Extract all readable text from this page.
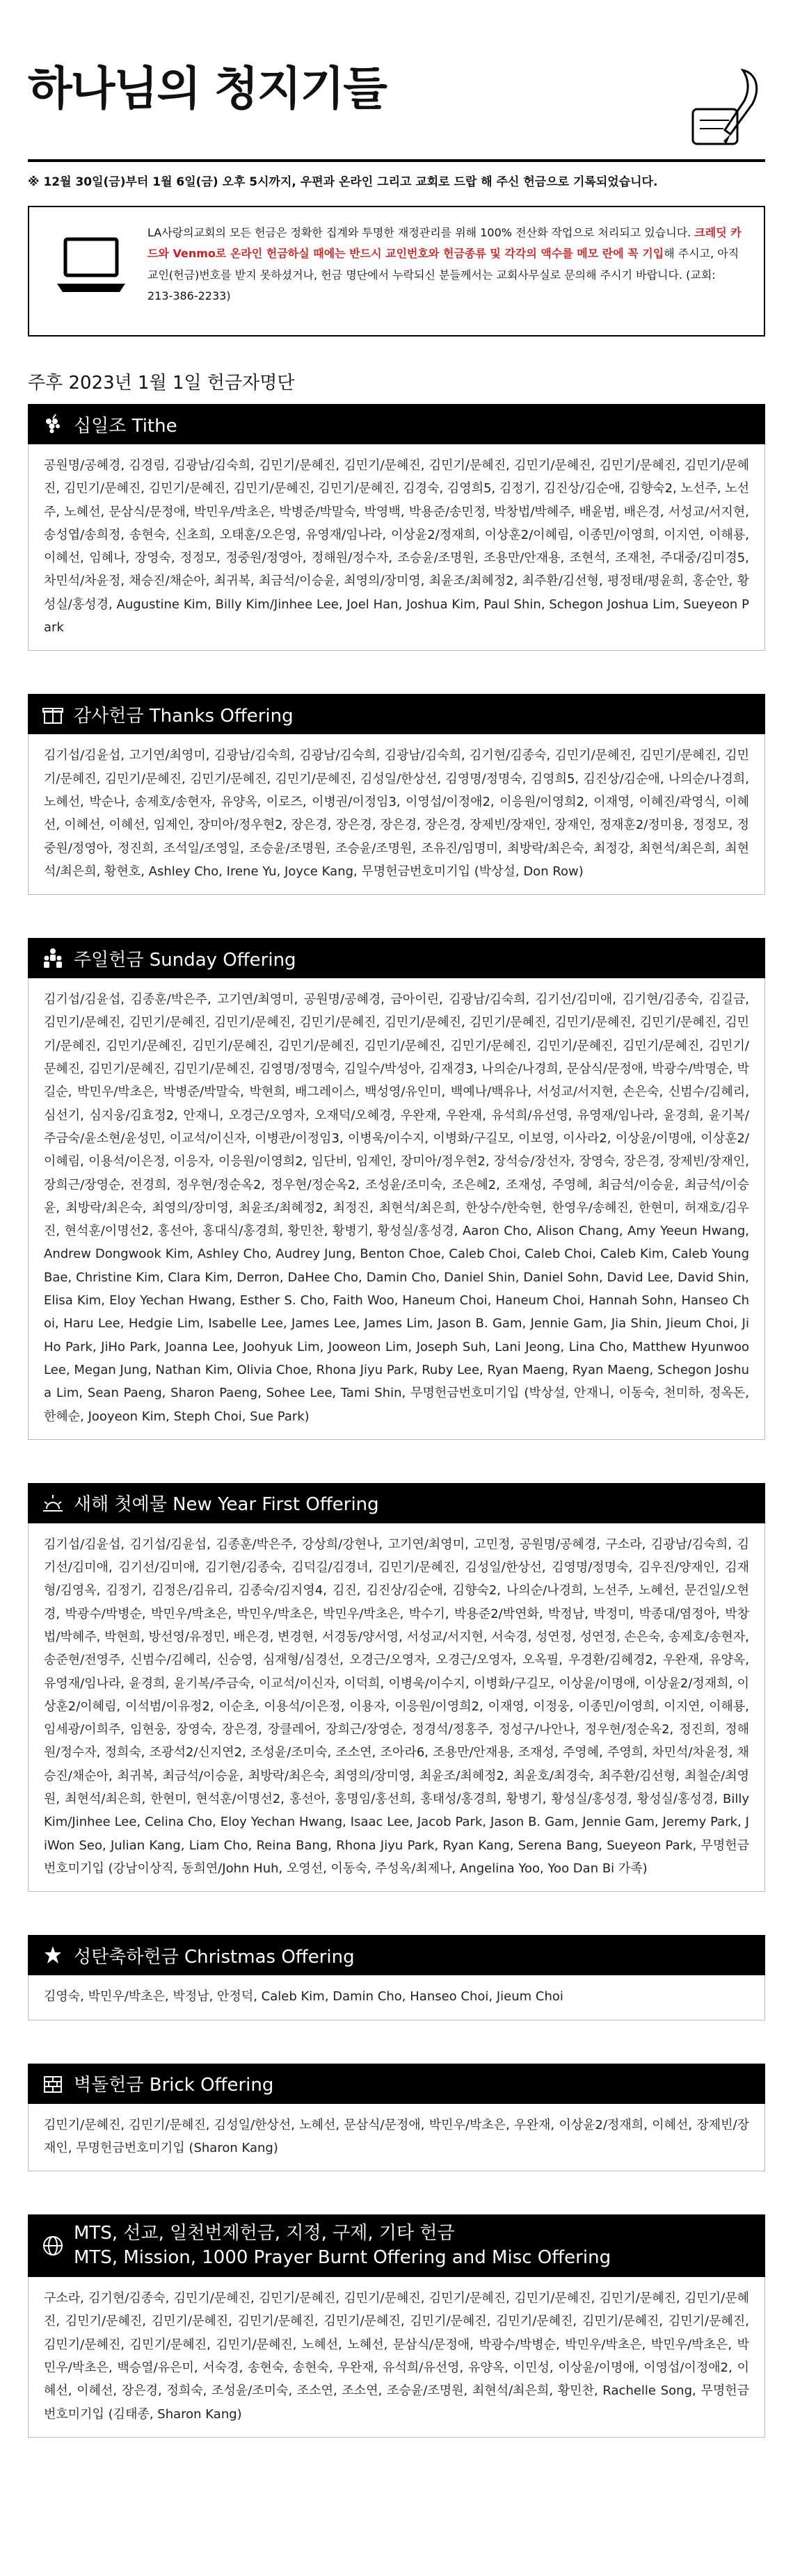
하나님의 청지기들
※ 12월 30일(금)부터 1월 6일(금) 오후 5시까지, 우편과 온라인 그리고 교회로 드랍 해 주신 헌금으로 기록되었습니다.
LA사랑의교회의 모든 헌금은 정확한 집계와 투명한 재정관리를 위해 100% 전산화 작업으로 처리되고 있습니다. 크레딧 카드와 Venmo로 온라인 헌금하실 때에는 반드시 교인번호와 헌금종류 및 각각의 액수를 메모 란에 꼭 기입해 주시고, 아직 교인(헌금)번호를 받지 못하셨거나, 헌금 명단에서 누락되신 분들께서는 교회사무실로 문의해 주시기 바랍니다. (교회: 213-386-2233)
주후 2023년 1월 1일 헌금자명단
십일조 Tithe
공원명/공혜경, 김경림, 김광남/김숙희, 김민기/문혜진, 김민기/문혜진, 김민기/문혜진, 김민기/문혜진, 김민기/문혜진, 김민기/문혜진, 김민기/문혜진, 김민기/문혜진, 김민기/문혜진, 김민기/문혜진, 김경숙, 김영희5, 김정기, 김진상/김순애, 김향숙2, 노선주, 노선주, 노혜선, 문삼식/문정애, 박민우/박초은, 박병준/박말숙, 박영백, 박용준/송민정, 박창법/박혜주, 배윤범, 배은경, 서성교/서지현, 송성엽/송희정, 송현숙, 신초희, 오태훈/오은영, 유영재/임나라, 이상윤2/정재희, 이상훈2/이혜림, 이종민/이영희, 이지연, 이해룡, 이혜선, 임혜나, 장영숙, 정정모, 정중원/정영아, 정해원/정수자, 조승윤/조명원, 조용만/안재용, 조현석, 조재천, 주대중/김미경5, 차민석/차윤정, 채승진/채순아, 최귀복, 최금석/이승윤, 최영의/장미영, 최윤조/최혜정2, 최주환/김선형, 평정태/평윤희, 홍순안, 황성실/홍성경, Augustine Kim, Billy Kim/Jinhee Lee, Joel Han, Joshua Kim, Paul Shin, Schegon Joshua Lim, Sueyeon Park
감사헌금 Thanks Offering
김기섭/김윤섭, 고기연/최영미, 김광남/김숙희, 김광남/김숙희, 김광남/김숙희, 김기현/김종숙, 김민기/문혜진, 김민기/문혜진, 김민기/문혜진, 김민기/문혜진, 김민기/문혜진, 김민기/문혜진, 김성일/한상선, 김영명/정명숙, 김영희5, 김진상/김순애, 나의순/나경희, 노혜선, 박순나, 송제호/송현자, 유양옥, 이로즈, 이병권/이정임3, 이영섭/이정애2, 이응원/이영희2, 이재영, 이혜진/곽영식, 이혜선, 이혜선, 이혜선, 임제인, 장미아/정우현2, 장은경, 장은경, 장은경, 장은경, 장제빈/장재인, 장재인, 정재훈2/정미용, 정정모, 정중원/정영아, 정진희, 조석일/조영일, 조승윤/조명원, 조승윤/조명원, 조유진/임명미, 최방락/최은숙, 최정강, 최현석/최은희, 최현석/최은희, 황현호, Ashley Cho, Irene Yu, Joyce Kang, 무명헌금번호미기입 (박상설, Don Row)
주일헌금 Sunday Offering
김기섭/김윤섭, 김종훈/박은주, 고기연/최영미, 공원명/공혜경, 금아이린, 김광남/김숙희, 김기선/김미애, 김기현/김종숙, 김길금, 김민기/문혜진, 김민기/문혜진, 김민기/문혜진, 김민기/문혜진, 김민기/문혜진, 김민기/문혜진, 김민기/문혜진, 김민기/문혜진, 김민기/문혜진, 김민기/문혜진, 김민기/문혜진, 김민기/문혜진, 김민기/문혜진, 김민기/문혜진, 김민기/문혜진, 김민기/문혜진, 김민기/문혜진, 김민기/문혜진, 김민기/문혜진, 김영명/정명숙, 김일수/박성아, 김재경3, 나의순/나경희, 문삼식/문정애, 박광수/박명순, 박길순, 박민우/박초은, 박병준/박말숙, 박현희, 배그레이스, 백성영/유인미, 백예나/백유나, 서성교/서지현, 손은숙, 신범수/김혜리, 심선기, 심지웅/김효정2, 안재니, 오경근/오영자, 오재덕/오혜경, 우완재, 우완재, 유석희/유선영, 유영재/임나라, 윤경희, 윤기복/주금숙/윤소현/윤성민, 이교석/이신자, 이병관/이정임3, 이병욱/이수지, 이병화/구길모, 이보영, 이사라2, 이상윤/이명애, 이상훈2/이혜림, 이용석/이은정, 이응자, 이응원/이영희2, 임단비, 임제인, 장미아/정우현2, 장석승/장선자, 장영숙, 장은경, 장제빈/장재인, 장희근/장영순, 전경희, 정우현/정순옥2, 정우현/정순옥2, 조성윤/조미숙, 조은혜2, 조재성, 주영혜, 최금석/이승윤, 최금석/이승윤, 최방락/최은숙, 최영의/장미영, 최윤조/최혜정2, 최정진, 최현석/최은희, 한상수/한숙현, 한영우/송혜진, 한현미, 허재호/김우진, 현석훈/이명선2, 홍선아, 홍대식/홍경희, 황민찬, 황병기, 황성실/홍성경, Aaron Cho, Alison Chang, Amy Yeeun Hwang, Andrew Dongwook Kim, Ashley Cho, Audrey Jung, Benton Choe, Caleb Choi, Caleb Choi, Caleb Kim, Caleb Young Bae, Christine Kim, Clara Kim, Derron, DaHee Cho, Damin Cho, Daniel Shin, Daniel Sohn, David Lee, David Shin, Elisa Kim, Eloy Yechan Hwang, Esther S. Cho, Faith Woo, Haneum Choi, Haneum Choi, Hannah Sohn, Hanseo Choi, Haru Lee, Hedgie Lim, Isabelle Lee, James Lee, James Lim, Jason B. Gam, Jennie Gam, Jia Shin, Jieum Choi, JiHo Park, JiHo Park, Joanna Lee, Joohyuk Lim, Jooweon Lim, Joseph Suh, Lani Jeong, Lina Cho, Matthew Hyunwoo Lee, Megan Jung, Nathan Kim, Olivia Choe, Rhona Jiyu Park, Ruby Lee, Ryan Maeng, Ryan Maeng, Schegon Joshua Lim, Sean Paeng, Sharon Paeng, Sohee Lee, Tami Shin, 무명헌금번호미기입 (박상설, 안재니, 이동숙, 천미하, 정옥돈, 한혜순, Jooyeon Kim, Steph Choi, Sue Park)
새해 첫예물 New Year First Offering
김기섭/김윤섭, 김기섭/김윤섭, 김종훈/박은주, 강상희/강현나, 고기연/최영미, 고민정, 공원명/공혜경, 구소라, 김광남/김숙희, 김기선/김미애, 김기선/김미애, 김기현/김종숙, 김덕길/김경녀, 김민기/문혜진, 김성일/한상선, 김영명/정명숙, 김우진/양재인, 김재형/김영옥, 김정기, 김정은/김유리, 김종숙/김지영4, 김진, 김진상/김순애, 김향숙2, 나의순/나경희, 노선주, 노혜선, 문건일/오현경, 박광수/박병순, 박민우/박초은, 박민우/박초은, 박민우/박초은, 박수기, 박용준2/박연화, 박정남, 박정미, 박종대/염정아, 박창법/박혜주, 박현희, 방선영/유정민, 배은경, 변경현, 서경동/양서영, 서성교/서지현, 서숙경, 성연정, 성연정, 손은숙, 송제호/송현자, 송준현/전영주, 신범수/김혜리, 신승영, 심재형/심경선, 오경근/오영자, 오경근/오영자, 오옥필, 우경환/김혜경2, 우완재, 유양옥, 유영재/임나라, 윤경희, 윤기복/주금숙, 이교석/이신자, 이덕희, 이병욱/이수지, 이병화/구길모, 이상윤/이명애, 이상윤2/정재희, 이상훈2/이혜림, 이석범/이유정2, 이순초, 이용석/이은정, 이용자, 이응원/이영희2, 이재영, 이정웅, 이종민/이영희, 이지연, 이해룡, 임세광/이희주, 임현웅, 장영숙, 장은경, 장클레어, 장희근/장영순, 정경석/정홍주, 정성구/나안나, 정우현/정순옥2, 정진희, 정해원/정수자, 정희숙, 조광석2/신지연2, 조성윤/조미숙, 조소연, 조아라6, 조용만/안재용, 조재성, 주영혜, 주영희, 차민석/차윤정, 채승진/채순아, 최귀복, 최금석/이승윤, 최방락/최은숙, 최영의/장미영, 최윤조/최혜정2, 최윤호/최경숙, 최주환/김선형, 최철순/최영원, 최현석/최은희, 한현미, 현석훈/이명선2, 홍선아, 홍명임/홍선희, 홍태성/홍경희, 황병기, 황성실/홍성경, 황성실/홍성경, Billy Kim/Jinhee Lee, Celina Cho, Eloy Yechan Hwang, Isaac Lee, Jacob Park, Jason B. Gam, Jennie Gam, Jeremy Park, JiWon Seo, Julian Kang, Liam Cho, Reina Bang, Rhona Jiyu Park, Ryan Kang, Serena Bang, Sueyeon Park, 무명헌금번호미기입 (강남이상직, 동희연/John Huh, 오영선, 이동숙, 주성옥/최제나, Angelina Yoo, Yoo Dan Bi 가족)
성탄축하헌금 Christmas Offering
김영숙, 박민우/박초은, 박정남, 안정덕, Caleb Kim, Damin Cho, Hanseo Choi, Jieum Choi
벽돌헌금 Brick Offering
김민기/문혜진, 김민기/문혜진, 김성일/한상선, 노혜선, 문삼식/문정애, 박민우/박초은, 우완재, 이상윤2/정재희, 이혜선, 장제빈/장재인, 무명헌금번호미기입 (Sharon Kang)
MTS, 선교, 일천번제헌금, 지정, 구제, 기타 헌금
MTS, Mission, 1000 Prayer Burnt Offering and Misc Offering
구소라, 김기현/김종숙, 김민기/문혜진, 김민기/문혜진, 김민기/문혜진, 김민기/문혜진, 김민기/문혜진, 김민기/문혜진, 김민기/문혜진, 김민기/문혜진, 김민기/문혜진, 김민기/문혜진, 김민기/문혜진, 김민기/문혜진, 김민기/문혜진, 김민기/문혜진, 김민기/문혜진, 김민기/문혜진, 김민기/문혜진, 김민기/문혜진, 노혜선, 노혜선, 문삼식/문정애, 박광수/박병순, 박민우/박초은, 박민우/박초은, 박민우/박초은, 백승열/유은미, 서숙경, 송현숙, 송현숙, 우완재, 유석희/유선영, 유양옥, 이민성, 이상윤/이명애, 이영섭/이정애2, 이혜선, 이혜선, 장은경, 정희숙, 조성윤/조미숙, 조소연, 조소연, 조승윤/조명원, 최현석/최은희, 황민찬, Rachelle Song, 무명헌금번호미기입 (김태종, Sharon Kang)
